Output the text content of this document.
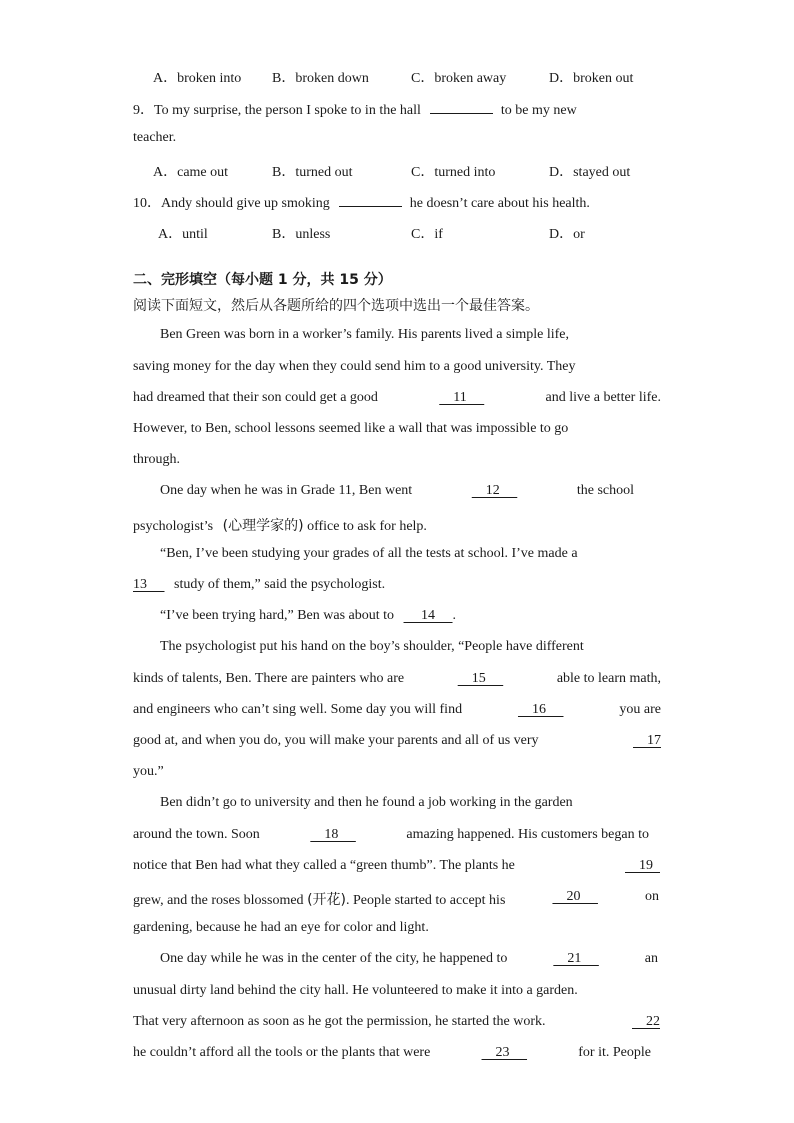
A．broken into B．broken down	C．broken away	D．broken out
9．To my surprise, the person I spoke to in the hall	to be my new
teacher.
A．came out	B．turned out	C．turned into	D．stayed out
10．Andy should give up smoking	he doesn’t care about his health.
A．until	B．unless	C．if	D．or
二、完形填空（每小题 1 分，共 15 分）
阅读下面短文，然后从各题所给的四个选项中选出一个最佳答案。
Ben Green was born in a worker’s family. His parents lived a simple life,
saving money for the day when they could send him to a good university. They
had dreamed that their son could get a good	11	and live a better life.
However, to Ben, school lessons seemed like a wall that was impossible to go
through.
One day when he was in Grade 11, Ben went	12	the school
psychologist’s (心理学家的) office to ask for help.
“Ben, I’ve been studying your grades of all the tests at school. I’ve made a
13      study of them,” said the psychologist.
“I’ve been trying hard,” Ben was about to      14     .
The psychologist put his hand on the boy’s shoulder, “People have different
kinds of talents, Ben. There are painters who are	15	able to learn math,
and engineers who can’t sing well. Some day you will find	16	you are
good at, and when you do, you will make your parents and all of us very	17
you.”
Ben didn’t go to university and then he found a job working in the garden
around the town. Soon	18	amazing happened. His customers began to
notice that Ben had what they called a “green thumb”. The plants he	19
grew, and the roses blossomed (开花). People started to accept his	20	on
gardening, because he had an eye for color and light.
One day while he was in the center of the city, he happened to	21	an
unusual dirty land behind the city hall. He volunteered to make it into a garden.
That very afternoon as soon as he got the permission, he started the work.	22
he couldn’t afford all the tools or the plants that were	23	for it. People
